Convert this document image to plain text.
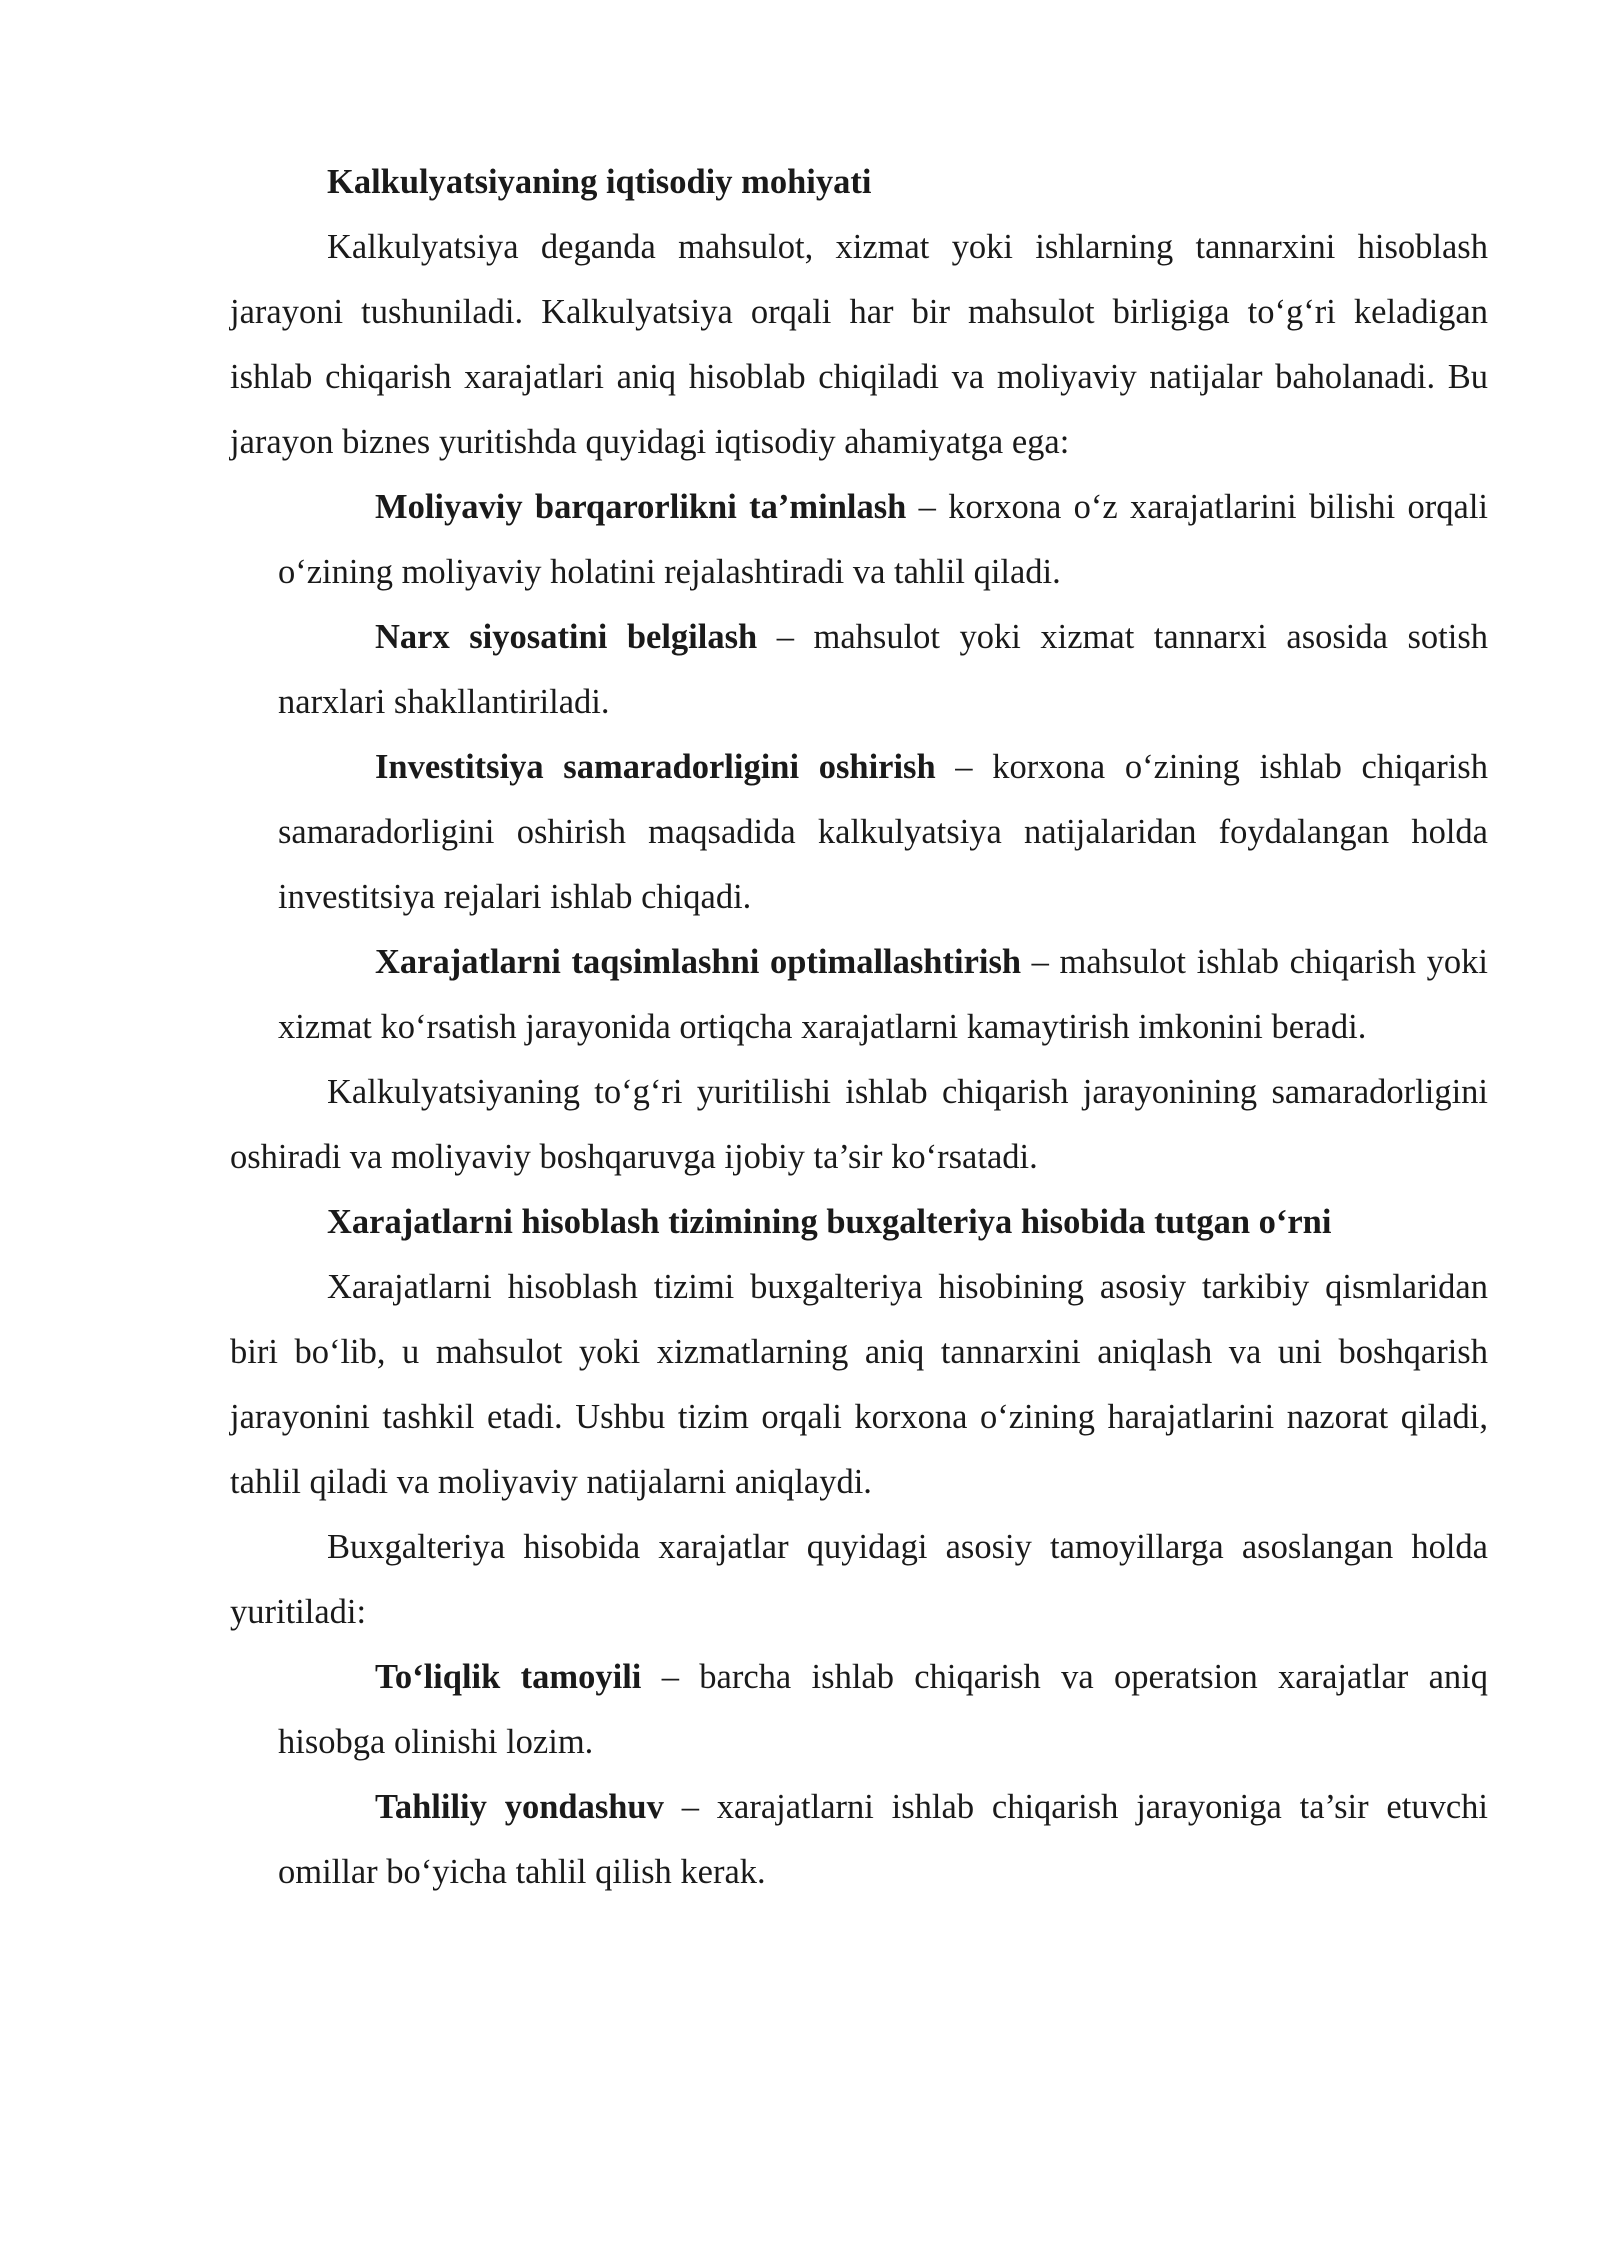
Kalkulyatsiyaning iqtisodiy mohiyati

Kalkulyatsiya deganda mahsulot, xizmat yoki ishlarning tannarxini hisoblash jarayoni tushuniladi. Kalkulyatsiya orqali har bir mahsulot birligiga to‘g‘ri keladigan ishlab chiqarish xarajatlari aniq hisoblab chiqiladi va moliyaviy natijalar baholanadi. Bu jarayon biznes yuritishda quyidagi iqtisodiy ahamiyatga ega:

Moliyaviy barqarorlikni ta’minlash – korxona o‘z xarajatlarini bilishi orqali o‘zining moliyaviy holatini rejalashtiradi va tahlil qiladi.

Narx siyosatini belgilash – mahsulot yoki xizmat tannarxi asosida sotish narxlari shakllantiriladi.

Investitsiya samaradorligini oshirish – korxona o‘zining ishlab chiqarish samaradorligini oshirish maqsadida kalkulyatsiya natijalaridan foydalangan holda investitsiya rejalari ishlab chiqadi.

Xarajatlarni taqsimlashni optimallashtirish – mahsulot ishlab chiqarish yoki xizmat ko‘rsatish jarayonida ortiqcha xarajatlarni kamaytirish imkonini beradi.

Kalkulyatsiyaning to‘g‘ri yuritilishi ishlab chiqarish jarayonining samaradorligini oshiradi va moliyaviy boshqaruvga ijobiy ta’sir ko‘rsatadi.

Xarajatlarni hisoblash tizimining buxgalteriya hisobida tutgan o‘rni

Xarajatlarni hisoblash tizimi buxgalteriya hisobining asosiy tarkibiy qismlaridan biri bo‘lib, u mahsulot yoki xizmatlarning aniq tannarxini aniqlash va uni boshqarish jarayonini tashkil etadi. Ushbu tizim orqali korxona o‘zining harajatlarini nazorat qiladi, tahlil qiladi va moliyaviy natijalarni aniqlaydi.

Buxgalteriya hisobida xarajatlar quyidagi asosiy tamoyillarga asoslangan holda yuritiladi:

To‘liqlik tamoyili – barcha ishlab chiqarish va operatsion xarajatlar aniq hisobga olinishi lozim.

Tahliliy yondashuv – xarajatlarni ishlab chiqarish jarayoniga ta’sir etuvchi omillar bo‘yicha tahlil qilish kerak.
